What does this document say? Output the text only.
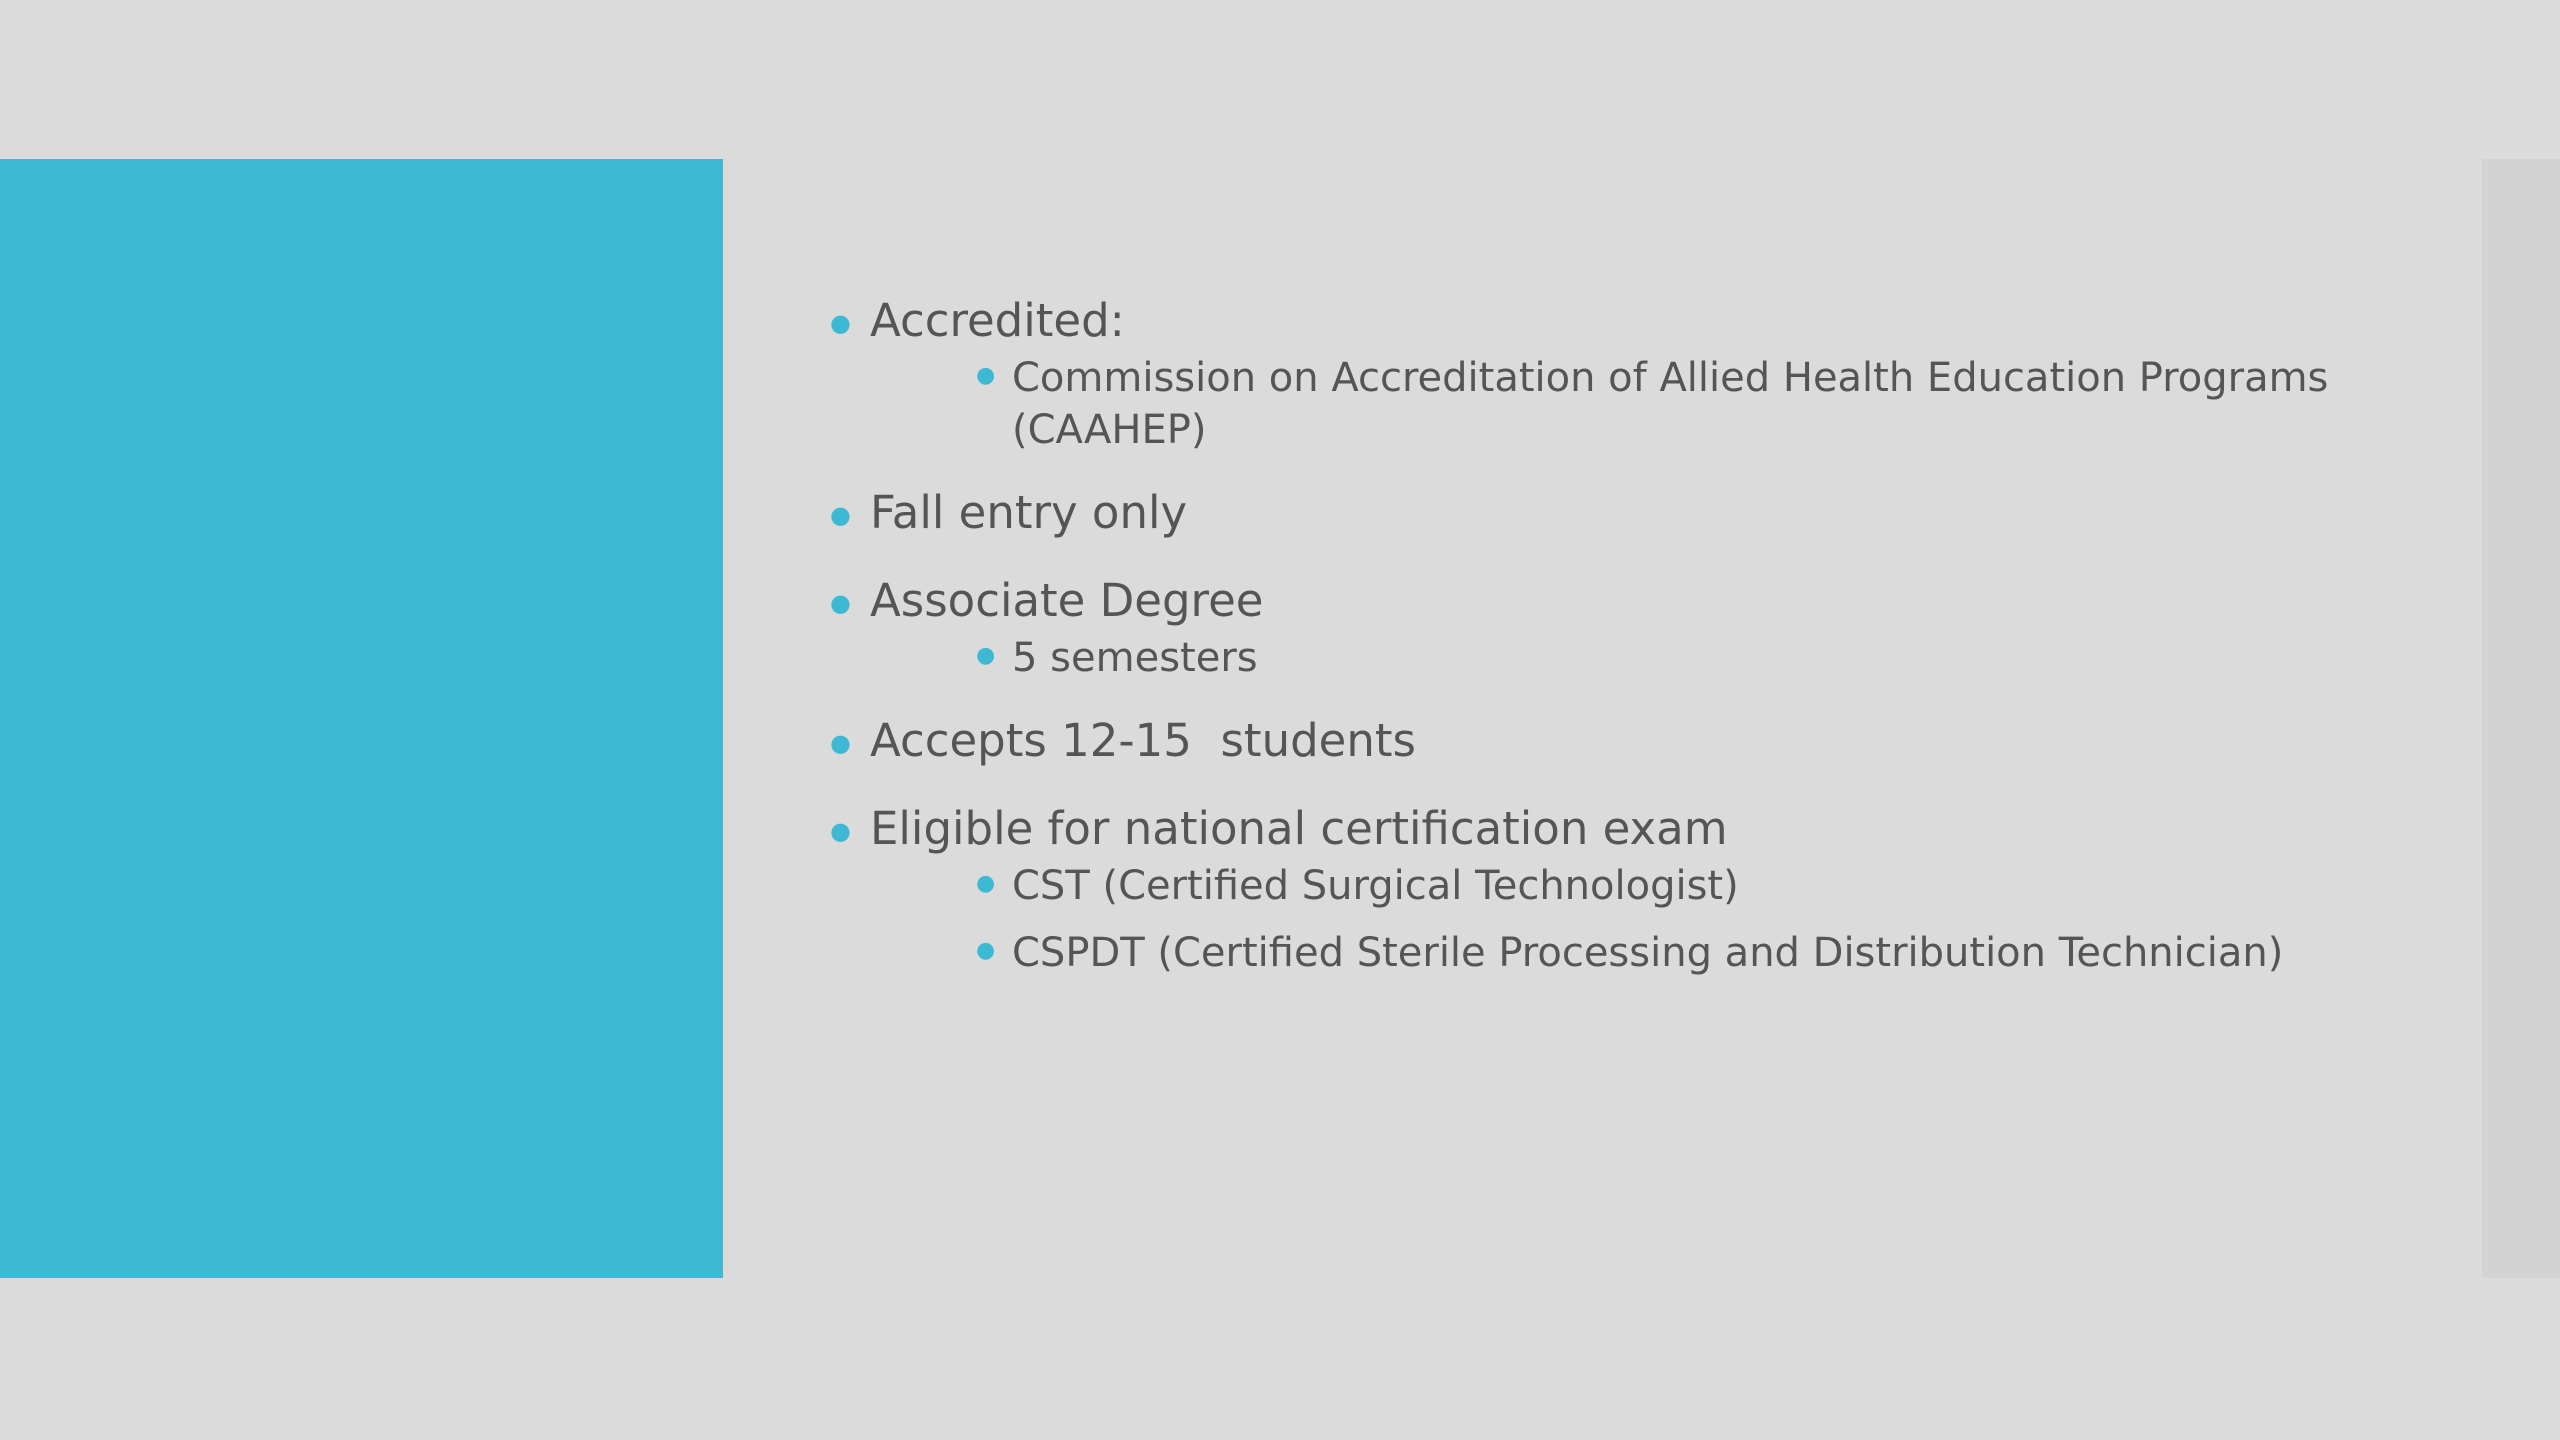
● Accredited:
● Commission on Accreditation of Allied Health Education Programs (CAAHEP)
● Fall entry only
● Associate Degree
● 5 semesters
● Accepts 12-15  students
● Eligible for national certification exam
● CST (Certified Surgical Technologist)
● CSPDT (Certified Sterile Processing and Distribution Technician)
